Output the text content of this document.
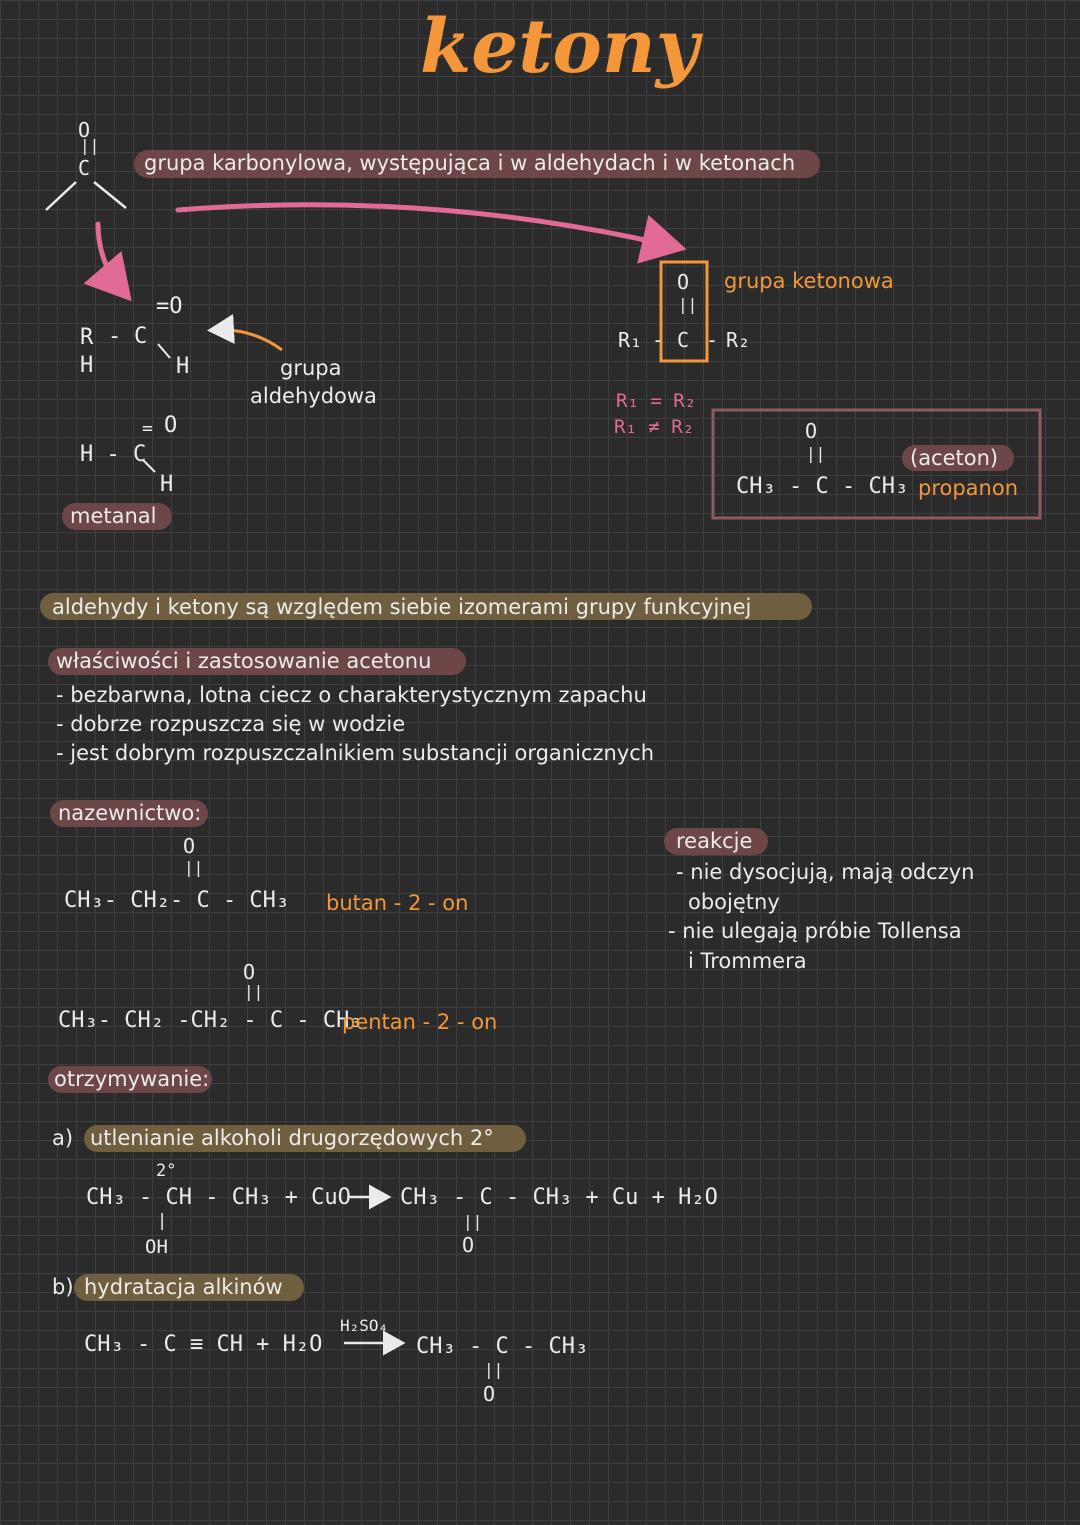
ketony
O
||
C	grupa karbonylowa, występująca i w aldehydach i w ketonach
R
H
- C
=O
H	grupa
aldehydowa
H - C
= O
H
metanal
O
||
R₁ - C - R₂
grupa ketonowa
R₁ = R₂
R₁ ≠ R₂	O
||
CH₃ - C - CH₃
(aceton)
propanon
aldehydy i ketony są względem siebie izomerami grupy funkcyjnej
właściwości i zastosowanie acetonu
- bezbarwna, lotna ciecz o charakterystycznym zapachu
- dobrze rozpuszcza się w wodzie
- jest dobrym rozpuszczalnikiem substancji organicznych
nazewnictwo:
O
||
CH₃- CH₂- C - CH₃ butan - 2 - on
O
||
CH₃- CH₂ -CH₂ - C - CH₃
pentan - 2 - on
reakcje
- nie dysocjują, mają odczyn
obojętny
- nie ulegają próbie Tollensa
i Trommera
otrzymywanie:
a) utlenianie alkoholi drugorzędowych 2°
2°
CH₃ - CH - CH₃ + CuO
|
OH
CH₃ - C - CH₃ + Cu + H₂O
||
O
b) hydratacja alkinów
CH₃ - C ≡ CH + H₂O
H₂SO₄
CH₃ - C - CH₃
||
O
